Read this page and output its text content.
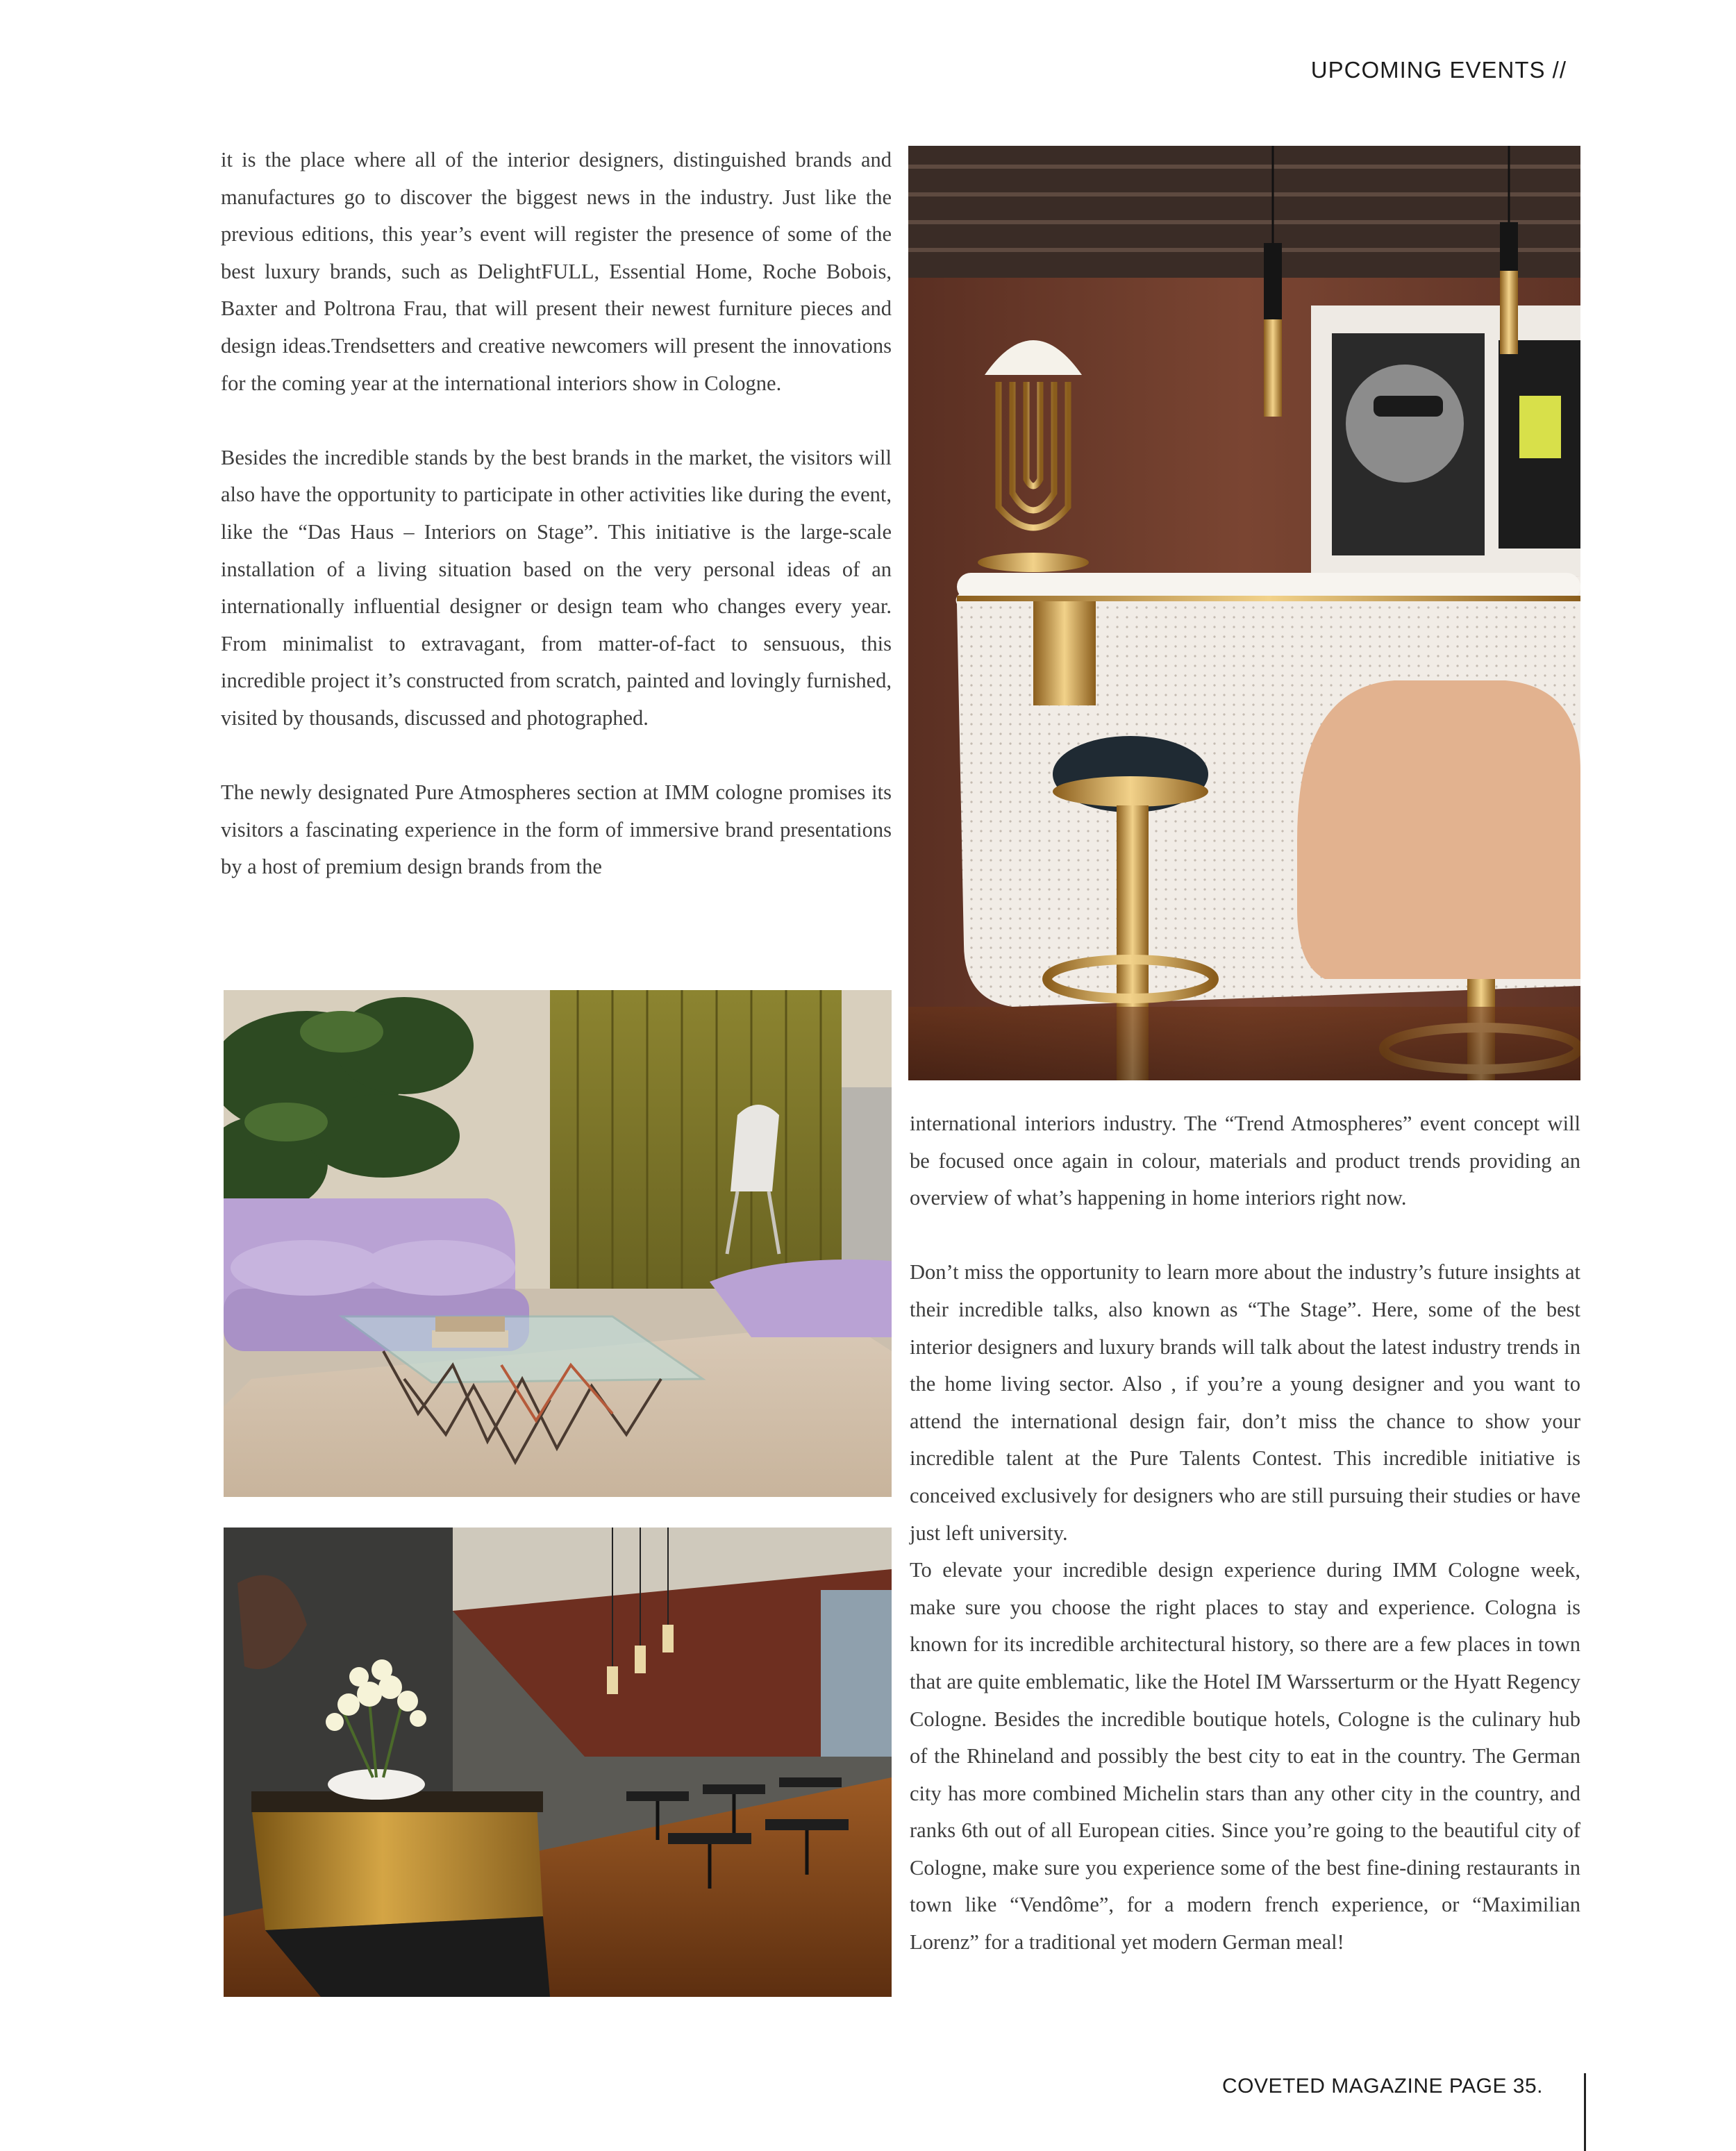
UPCOMING EVENTS //

it is the place where all of the interior designers, distinguished brands and manufactures go to discover the biggest news in the industry. Just like the previous editions, this year’s event will register the presence of some of the best luxury brands, such as DelightFULL, Essential Home, Roche Bobois, Baxter and Poltrona Frau, that will present their newest furniture pieces and design ideas.Trendsetters and creative newcomers will present the innovations for the coming year at the international interiors show in Cologne.

Besides the incredible stands by the best brands in the market, the visitors will also have the opportunity to participate in other activities like during the event, like the “Das Haus – Interiors on Stage”. This initiative is the large-scale installation of a living situation based on the very personal ideas of an internationally influential designer or design team who changes every year. From minimalist to extravagant, from matter-of-fact to sensuous, this incredible project it’s constructed from scratch, painted and lovingly furnished, visited by thousands, discussed and photographed.

The newly designated Pure Atmospheres section at IMM cologne promises its visitors a fascinating experience in the form of immersive brand presentations by a host of premium design brands from the

international interiors industry. The “Trend Atmospheres” event concept will be focused once again in colour, materials and product trends providing an overview of what’s happening in home interiors right now.

Don’t miss the opportunity to learn more about the industry’s future insights at their incredible talks, also known as “The Stage”. Here, some of the best interior designers and luxury brands will talk about the latest industry trends in the home living sector. Also , if you’re a young designer and you want to attend the international design fair, don’t miss the chance to show your incredible talent at the Pure Talents Contest. This incredible initiative is conceived exclusively for designers who are still pursuing their studies or have just left university.

To elevate your incredible design experience during IMM Cologne week, make sure you choose the right places to stay and experience. Cologna is known for its incredible architectural history, so there are a few places in town that are quite emblematic, like the Hotel IM Warsserturm or the Hyatt Regency Cologne. Besides the incredible boutique hotels, Cologne is the culinary hub of the Rhineland and possibly the best city to eat in the country. The German city has more combined Michelin stars than any other city in the country, and ranks 6th out of all European cities. Since you’re going to the beautiful city of Cologne, make sure you experience some of the best fine-dining restaurants in town like “Vendôme”, for a modern french experience, or “Maximilian Lorenz” for a traditional yet modern German meal!

COVETED MAGAZINE PAGE 35.
